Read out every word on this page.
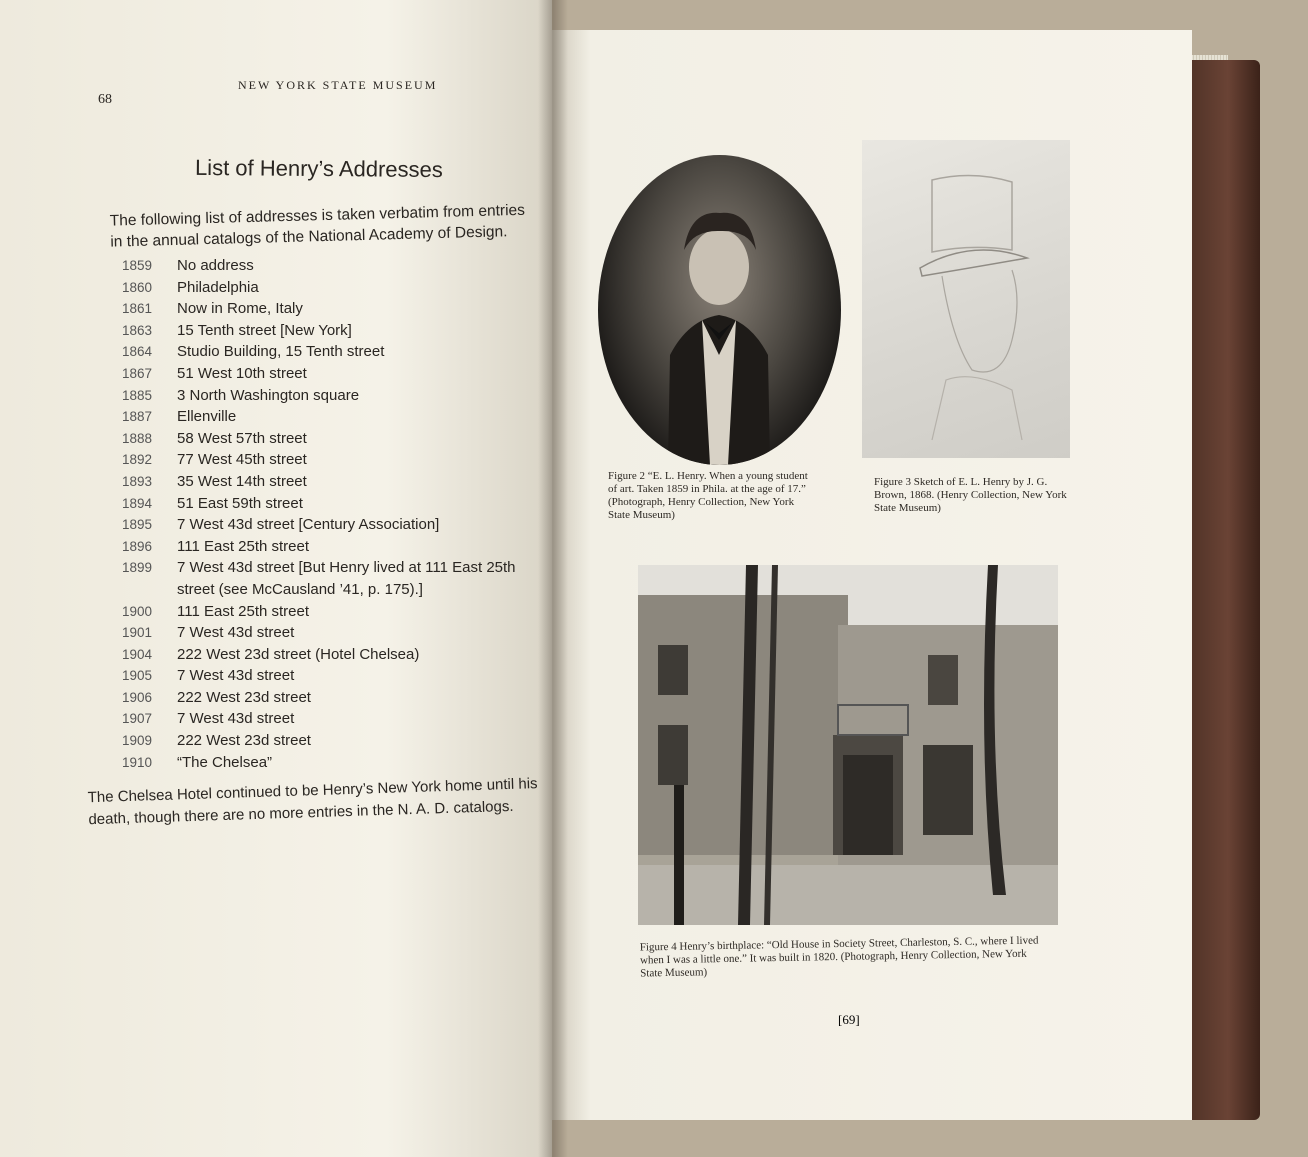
68
NEW YORK STATE MUSEUM
List of Henry’s Addresses
The following list of addresses is taken verbatim from entries in the annual catalogs of the National Academy of Design.
1859	No address
1860	Philadelphia
1861	Now in Rome, Italy
1863	15 Tenth street [New York]
1864	Studio Building, 15 Tenth street
1867	51 West 10th street
1885	3 North Washington square
1887	Ellenville
1888	58 West 57th street
1892	77 West 45th street
1893	35 West 14th street
1894	51 East 59th street
1895	7 West 43d street [Century Association]
1896	111 East 25th street
1899	7 West 43d street [But Henry lived at 111 East 25th street (see McCausland ’41, p. 175).]
1900	111 East 25th street
1901	7 West 43d street
1904	222 West 23d street (Hotel Chelsea)
1905	7 West 43d street
1906	222 West 23d street
1907	7 West 43d street
1909	222 West 23d street
1910	“The Chelsea”
The Chelsea Hotel continued to be Henry’s New York home until his death, though there are no more entries in the N. A. D. catalogs.
Figure 2 “E. L. Henry. When a young student of art. Taken 1859 in Phila. at the age of 17.” (Photograph, Henry Collection, New York State Museum)
Figure 3 Sketch of E. L. Henry by J. G. Brown, 1868. (Henry Collection, New York State Museum)
Figure 4 Henry’s birthplace: “Old House in Society Street, Charleston, S. C., where I lived when I was a little one.” It was built in 1820. (Photograph, Henry Collection, New York State Museum)
[69]
